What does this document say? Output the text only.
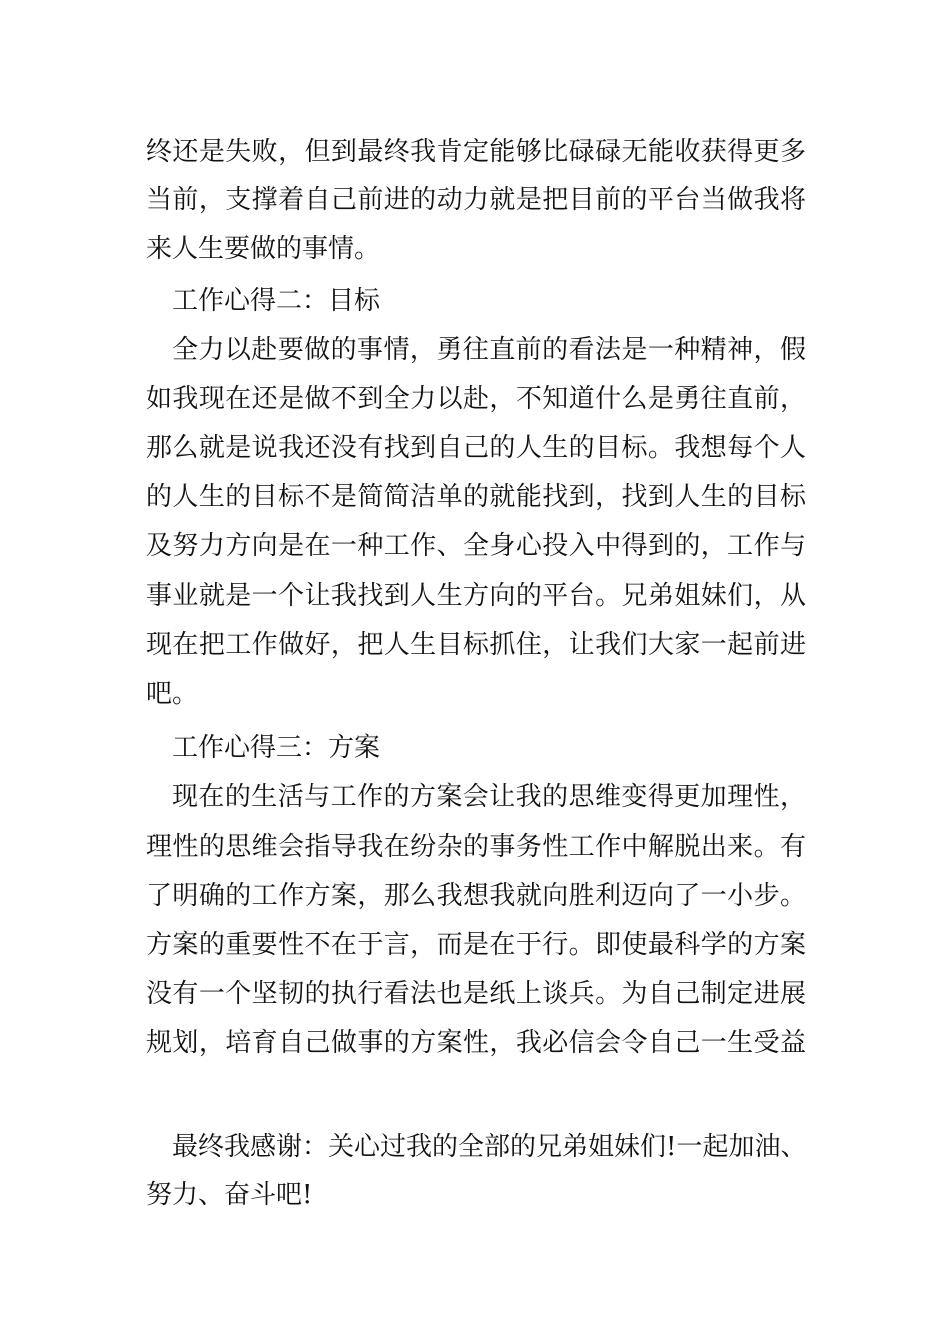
终还是失败，但到最终我肯定能够比碌碌无能收获得更多
当前，支撑着自己前进的动力就是把目前的平台当做我将
来人生要做的事情。
工作心得二：目标
全力以赴要做的事情，勇往直前的看法是一种精神，假
如我现在还是做不到全力以赴，不知道什么是勇往直前，
那么就是说我还没有找到自己的人生的目标。我想每个人
的人生的目标不是简简洁单的就能找到，找到人生的目标
及努力方向是在一种工作、全身心投入中得到的，工作与
事业就是一个让我找到人生方向的平台。兄弟姐妹们，从
现在把工作做好，把人生目标抓住，让我们大家一起前进
吧。
工作心得三：方案
现在的生活与工作的方案会让我的思维变得更加理性，
理性的思维会指导我在纷杂的事务性工作中解脱出来。有
了明确的工作方案，那么我想我就向胜利迈向了一小步。
方案的重要性不在于言，而是在于行。即使最科学的方案
没有一个坚韧的执行看法也是纸上谈兵。为自己制定进展
规划，培育自己做事的方案性，我必信会令自己一生受益
最终我感谢：关心过我的全部的兄弟姐妹们!一起加油、
努力、奋斗吧!
